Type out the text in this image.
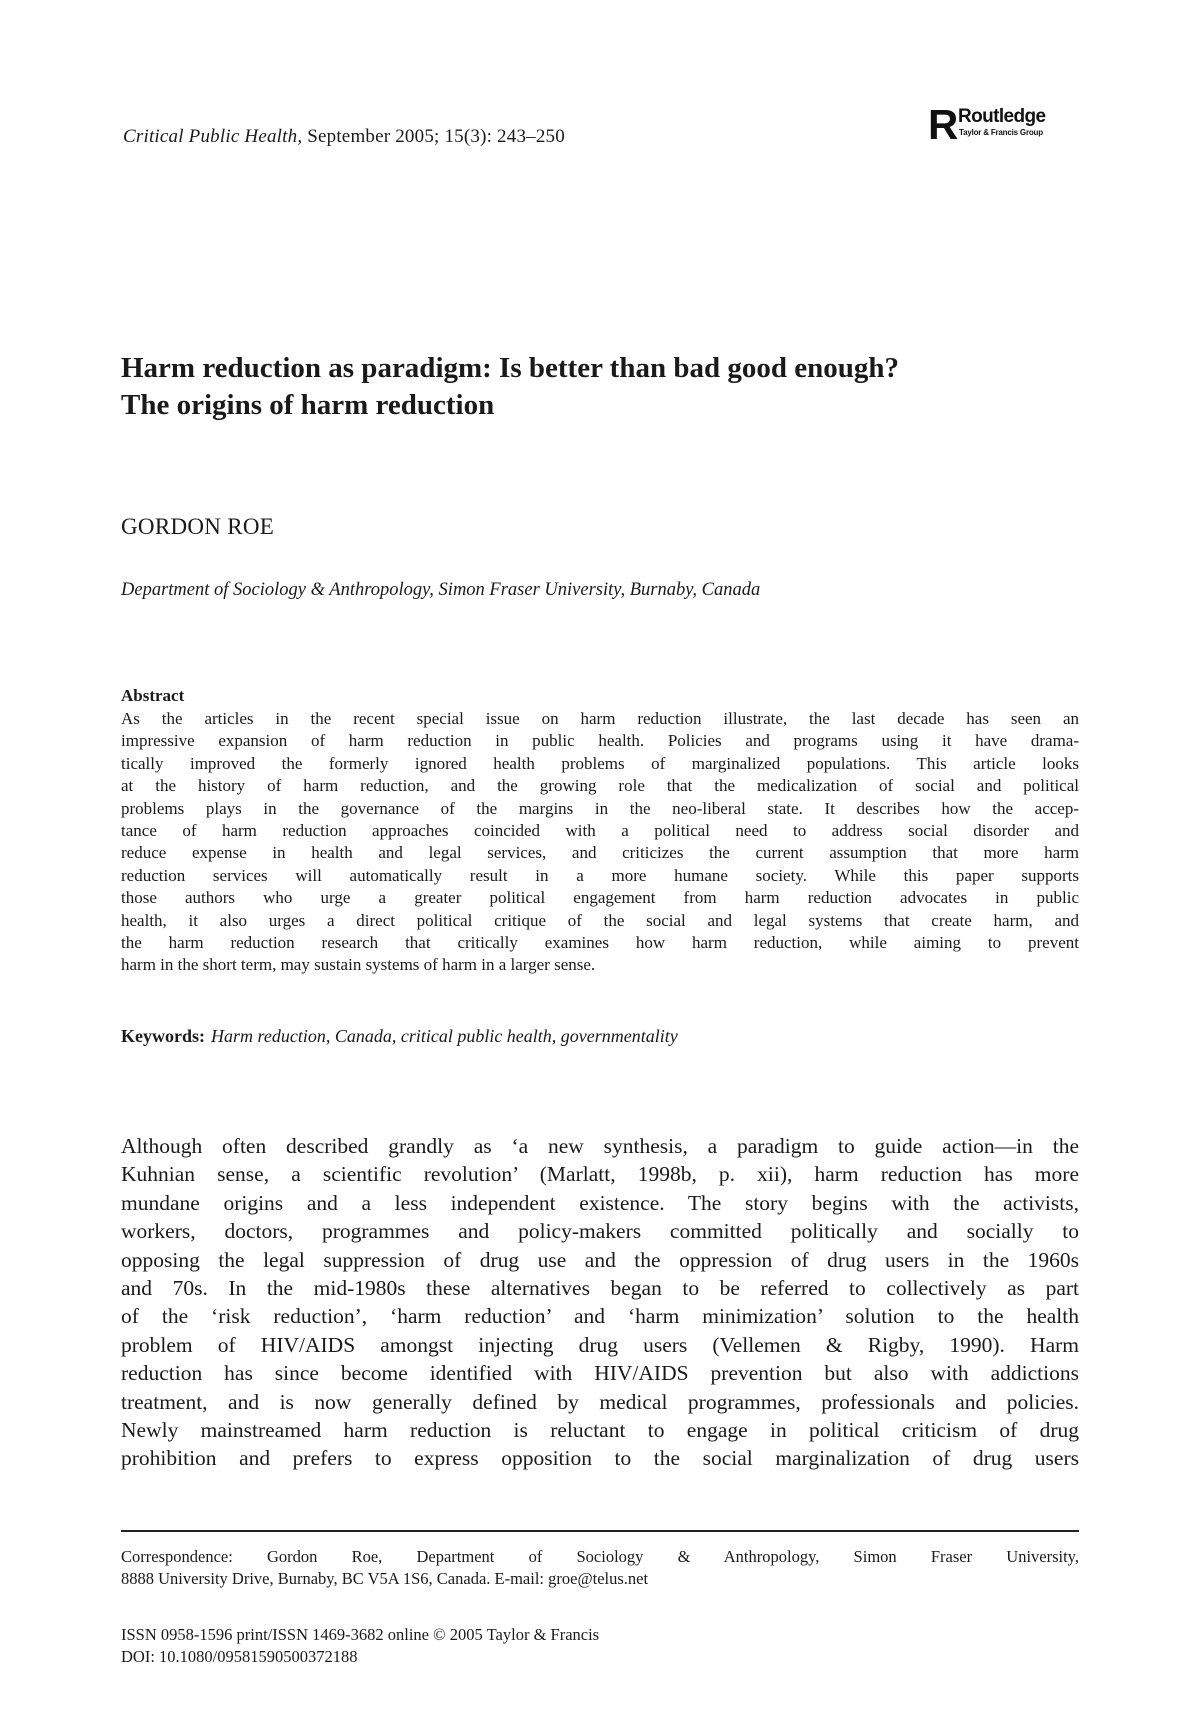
Critical Public Health, September 2005; 15(3): 243–250	R Routledge
Taylor & Francis Group
Harm reduction as paradigm: Is better than bad good enough?
The origins of harm reduction
GORDON ROE
Department of Sociology & Anthropology, Simon Fraser University, Burnaby, Canada
Abstract
As the articles in the recent special issue on harm reduction illustrate, the last decade has seen an
impressive expansion of harm reduction in public health. Policies and programs using it have drama-
tically improved the formerly ignored health problems of marginalized populations. This article looks
at the history of harm reduction, and the growing role that the medicalization of social and political
problems plays in the governance of the margins in the neo-liberal state. It describes how the accep-
tance of harm reduction approaches coincided with a political need to address social disorder and
reduce expense in health and legal services, and criticizes the current assumption that more harm
reduction services will automatically result in a more humane society. While this paper supports
those authors who urge a greater political engagement from harm reduction advocates in public
health, it also urges a direct political critique of the social and legal systems that create harm, and
the harm reduction research that critically examines how harm reduction, while aiming to prevent
harm in the short term, may sustain systems of harm in a larger sense.
Keywords: Harm reduction, Canada, critical public health, governmentality
Although often described grandly as ‘a new synthesis, a paradigm to guide action—in the
Kuhnian sense, a scientific revolution’ (Marlatt, 1998b, p. xii), harm reduction has more
mundane origins and a less independent existence. The story begins with the activists,
workers, doctors, programmes and policy-makers committed politically and socially to
opposing the legal suppression of drug use and the oppression of drug users in the 1960s
and 70s. In the mid-1980s these alternatives began to be referred to collectively as part
of the ‘risk reduction’, ‘harm reduction’ and ‘harm minimization’ solution to the health
problem of HIV/AIDS amongst injecting drug users (Vellemen & Rigby, 1990). Harm
reduction has since become identified with HIV/AIDS prevention but also with addictions
treatment, and is now generally defined by medical programmes, professionals and policies.
Newly mainstreamed harm reduction is reluctant to engage in political criticism of drug
prohibition and prefers to express opposition to the social marginalization of drug users
Correspondence: Gordon Roe, Department of Sociology & Anthropology, Simon Fraser University,
8888 University Drive, Burnaby, BC V5A 1S6, Canada. E-mail: groe@telus.net
ISSN 0958-1596 print/ISSN 1469-3682 online © 2005 Taylor & Francis
DOI: 10.1080/09581590500372188
